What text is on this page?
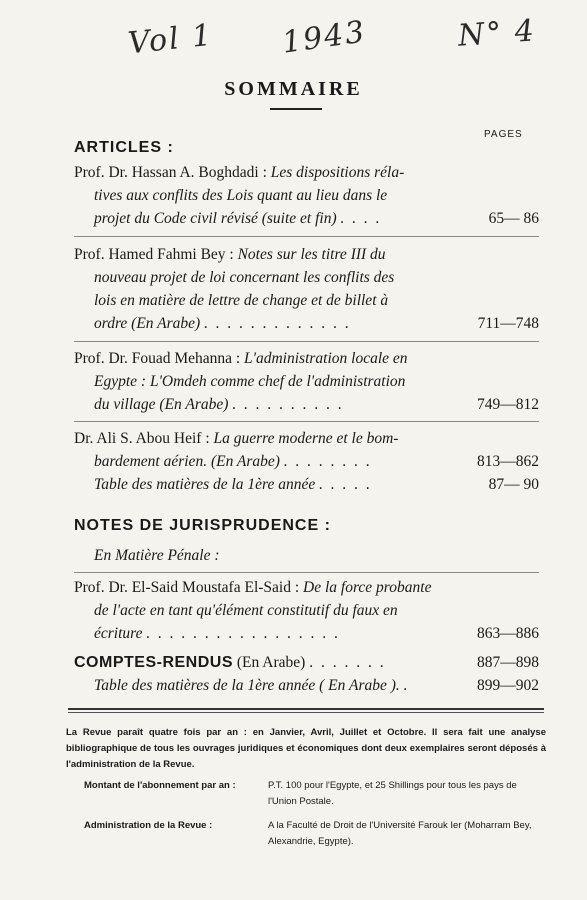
Vol 1 1943	N° 4
SOMMAIRE
PAGES
ARTICLES :
Prof. Dr. Hassan A. Boghdadi : Les dispositions réla-
tives aux conflits des Lois quant au lieu dans le
projet du Code civil révisé (suite et fin) . . . .	65— 86
Prof. Hamed Fahmi Bey : Notes sur les titre III du
nouveau projet de loi concernant les conflits des
lois en matière de lettre de change et de billet à
ordre (En Arabe) . . . . . . . . . . . . .	711—748
Prof. Dr. Fouad Mehanna : L'administration locale en
Egypte : L'Omdeh comme chef de l'administration
du village (En Arabe) . . . . . . . . . .	749—812
Dr. Ali S. Abou Heif : La guerre moderne et le bom-
bardement aérien. (En Arabe) . . . . . . . .	813—862
Table des matières de la 1ère année . . . . .	87— 90
NOTES DE JURISPRUDENCE :
En Matière Pénale :
Prof. Dr. El-Said Moustafa El-Said : De la force probante
de l'acte en tant qu'élément constitutif du faux en
écriture . . . . . . . . . . . . . . . . .	863—886
COMPTES-RENDUS (En Arabe) . . . . . . .	887—898
Table des matières de la 1ère année ( En Arabe ). .	899—902

La Revue paraît quatre fois par an : en Janvier, Avril, Juillet et Octobre. Il sera fait une analyse bibliographique de tous les ouvrages juridiques et économiques dont deux exemplaires seront déposés à l'administration de la Revue.

Montant de l'abonnement par an :	P.T. 100 pour l'Egypte, et 25 Shillings pour tous les pays de l'Union Postale.
Administration de la Revue :	A la Faculté de Droit de l'Université Farouk Ier (Moharram Bey, Alexandrie, Egypte).
